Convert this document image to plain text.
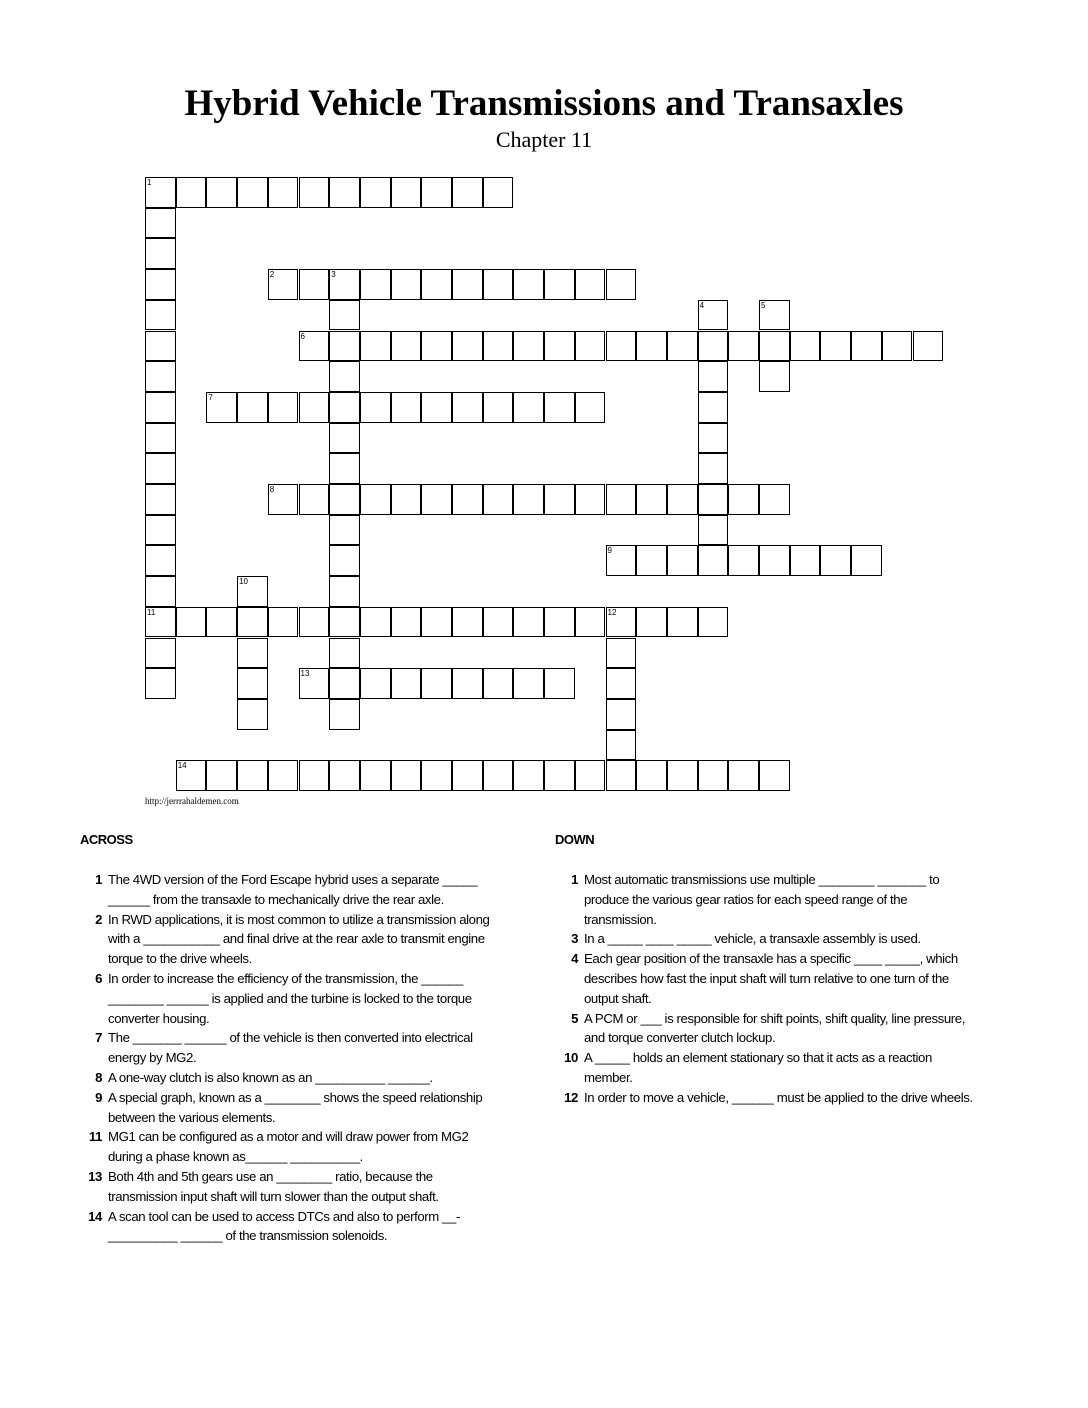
Hybrid Vehicle Transmissions and Transaxles
Chapter 11
1
11
2	3
4	5
6
7
8
9
10
12
13
14
http://jerrrahaldemen.com
ACROSS	DOWN
1 The 4WD version of the Ford Escape hybrid uses a separate _____ ______ from the transaxle to mechanically drive the rear axle.
2 In RWD applications, it is most common to utilize a transmission along with a ___________ and final drive at the rear axle to transmit engine torque to the drive wheels.
6 In order to increase the efficiency of the transmission, the ______ ________ ______ is applied and the turbine is locked to the torque converter housing.
7 The _______ ______ of the vehicle is then converted into electrical energy by MG2.
8 A one-way clutch is also known as an __________ ______.
9 A special graph, known as a ________ shows the speed relationship between the various elements.
11 MG1 can be configured as a motor and will draw power from MG2 during a phase known as______ __________.
13 Both 4th and 5th gears use an ________ ratio, because the transmission input shaft will turn slower than the output shaft.
14 A scan tool can be used to access DTCs and also to perform __-__________ ______ of the transmission solenoids.
1 Most automatic transmissions use multiple ________ _______ to produce the various gear ratios for each speed range of the transmission.
3 In a _____ ____ _____ vehicle, a transaxle assembly is used.
4 Each gear position of the transaxle has a specific ____ _____, which describes how fast the input shaft will turn relative to one turn of the output shaft.
5 A PCM or ___ is responsible for shift points, shift quality, line pressure, and torque converter clutch lockup.
10 A _____ holds an element stationary so that it acts as a reaction member.
12 In order to move a vehicle, ______ must be applied to the drive wheels.
